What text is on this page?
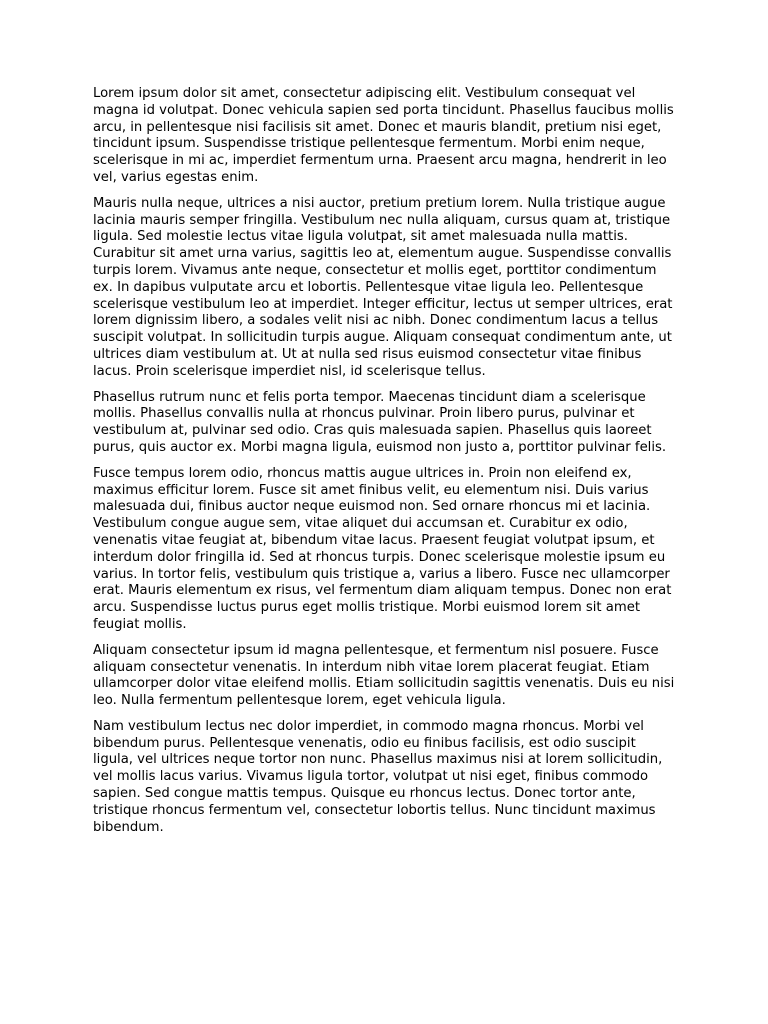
Lorem ipsum dolor sit amet, consectetur adipiscing elit. Vestibulum consequat vel magna id volutpat. Donec vehicula sapien sed porta tincidunt. Phasellus faucibus mollis arcu, in pellentesque nisi facilisis sit amet. Donec et mauris blandit, pretium nisi eget, tincidunt ipsum. Suspendisse tristique pellentesque fermentum. Morbi enim neque, scelerisque in mi ac, imperdiet fermentum urna. Praesent arcu magna, hendrerit in leo vel, varius egestas enim.

Mauris nulla neque, ultrices a nisi auctor, pretium pretium lorem. Nulla tristique augue lacinia mauris semper fringilla. Vestibulum nec nulla aliquam, cursus quam at, tristique ligula. Sed molestie lectus vitae ligula volutpat, sit amet malesuada nulla mattis. Curabitur sit amet urna varius, sagittis leo at, elementum augue. Suspendisse convallis turpis lorem. Vivamus ante neque, consectetur et mollis eget, porttitor condimentum ex. In dapibus vulputate arcu et lobortis. Pellentesque vitae ligula leo. Pellentesque scelerisque vestibulum leo at imperdiet. Integer efficitur, lectus ut semper ultrices, erat lorem dignissim libero, a sodales velit nisi ac nibh. Donec condimentum lacus a tellus suscipit volutpat. In sollicitudin turpis augue. Aliquam consequat condimentum ante, ut ultrices diam vestibulum at. Ut at nulla sed risus euismod consectetur vitae finibus lacus. Proin scelerisque imperdiet nisl, id scelerisque tellus.

Phasellus rutrum nunc et felis porta tempor. Maecenas tincidunt diam a scelerisque mollis. Phasellus convallis nulla at rhoncus pulvinar. Proin libero purus, pulvinar et vestibulum at, pulvinar sed odio. Cras quis malesuada sapien. Phasellus quis laoreet purus, quis auctor ex. Morbi magna ligula, euismod non justo a, porttitor pulvinar felis.

Fusce tempus lorem odio, rhoncus mattis augue ultrices in. Proin non eleifend ex, maximus efficitur lorem. Fusce sit amet finibus velit, eu elementum nisi. Duis varius malesuada dui, finibus auctor neque euismod non. Sed ornare rhoncus mi et lacinia. Vestibulum congue augue sem, vitae aliquet dui accumsan et. Curabitur ex odio, venenatis vitae feugiat at, bibendum vitae lacus. Praesent feugiat volutpat ipsum, et interdum dolor fringilla id. Sed at rhoncus turpis. Donec scelerisque molestie ipsum eu varius. In tortor felis, vestibulum quis tristique a, varius a libero. Fusce nec ullamcorper erat. Mauris elementum ex risus, vel fermentum diam aliquam tempus. Donec non erat arcu. Suspendisse luctus purus eget mollis tristique. Morbi euismod lorem sit amet feugiat mollis.

Aliquam consectetur ipsum id magna pellentesque, et fermentum nisl posuere. Fusce aliquam consectetur venenatis. In interdum nibh vitae lorem placerat feugiat. Etiam ullamcorper dolor vitae eleifend mollis. Etiam sollicitudin sagittis venenatis. Duis eu nisi leo. Nulla fermentum pellentesque lorem, eget vehicula ligula.

Nam vestibulum lectus nec dolor imperdiet, in commodo magna rhoncus. Morbi vel bibendum purus. Pellentesque venenatis, odio eu finibus facilisis, est odio suscipit ligula, vel ultrices neque tortor non nunc. Phasellus maximus nisi at lorem sollicitudin, vel mollis lacus varius. Vivamus ligula tortor, volutpat ut nisi eget, finibus commodo sapien. Sed congue mattis tempus. Quisque eu rhoncus lectus. Donec tortor ante, tristique rhoncus fermentum vel, consectetur lobortis tellus. Nunc tincidunt maximus bibendum.
